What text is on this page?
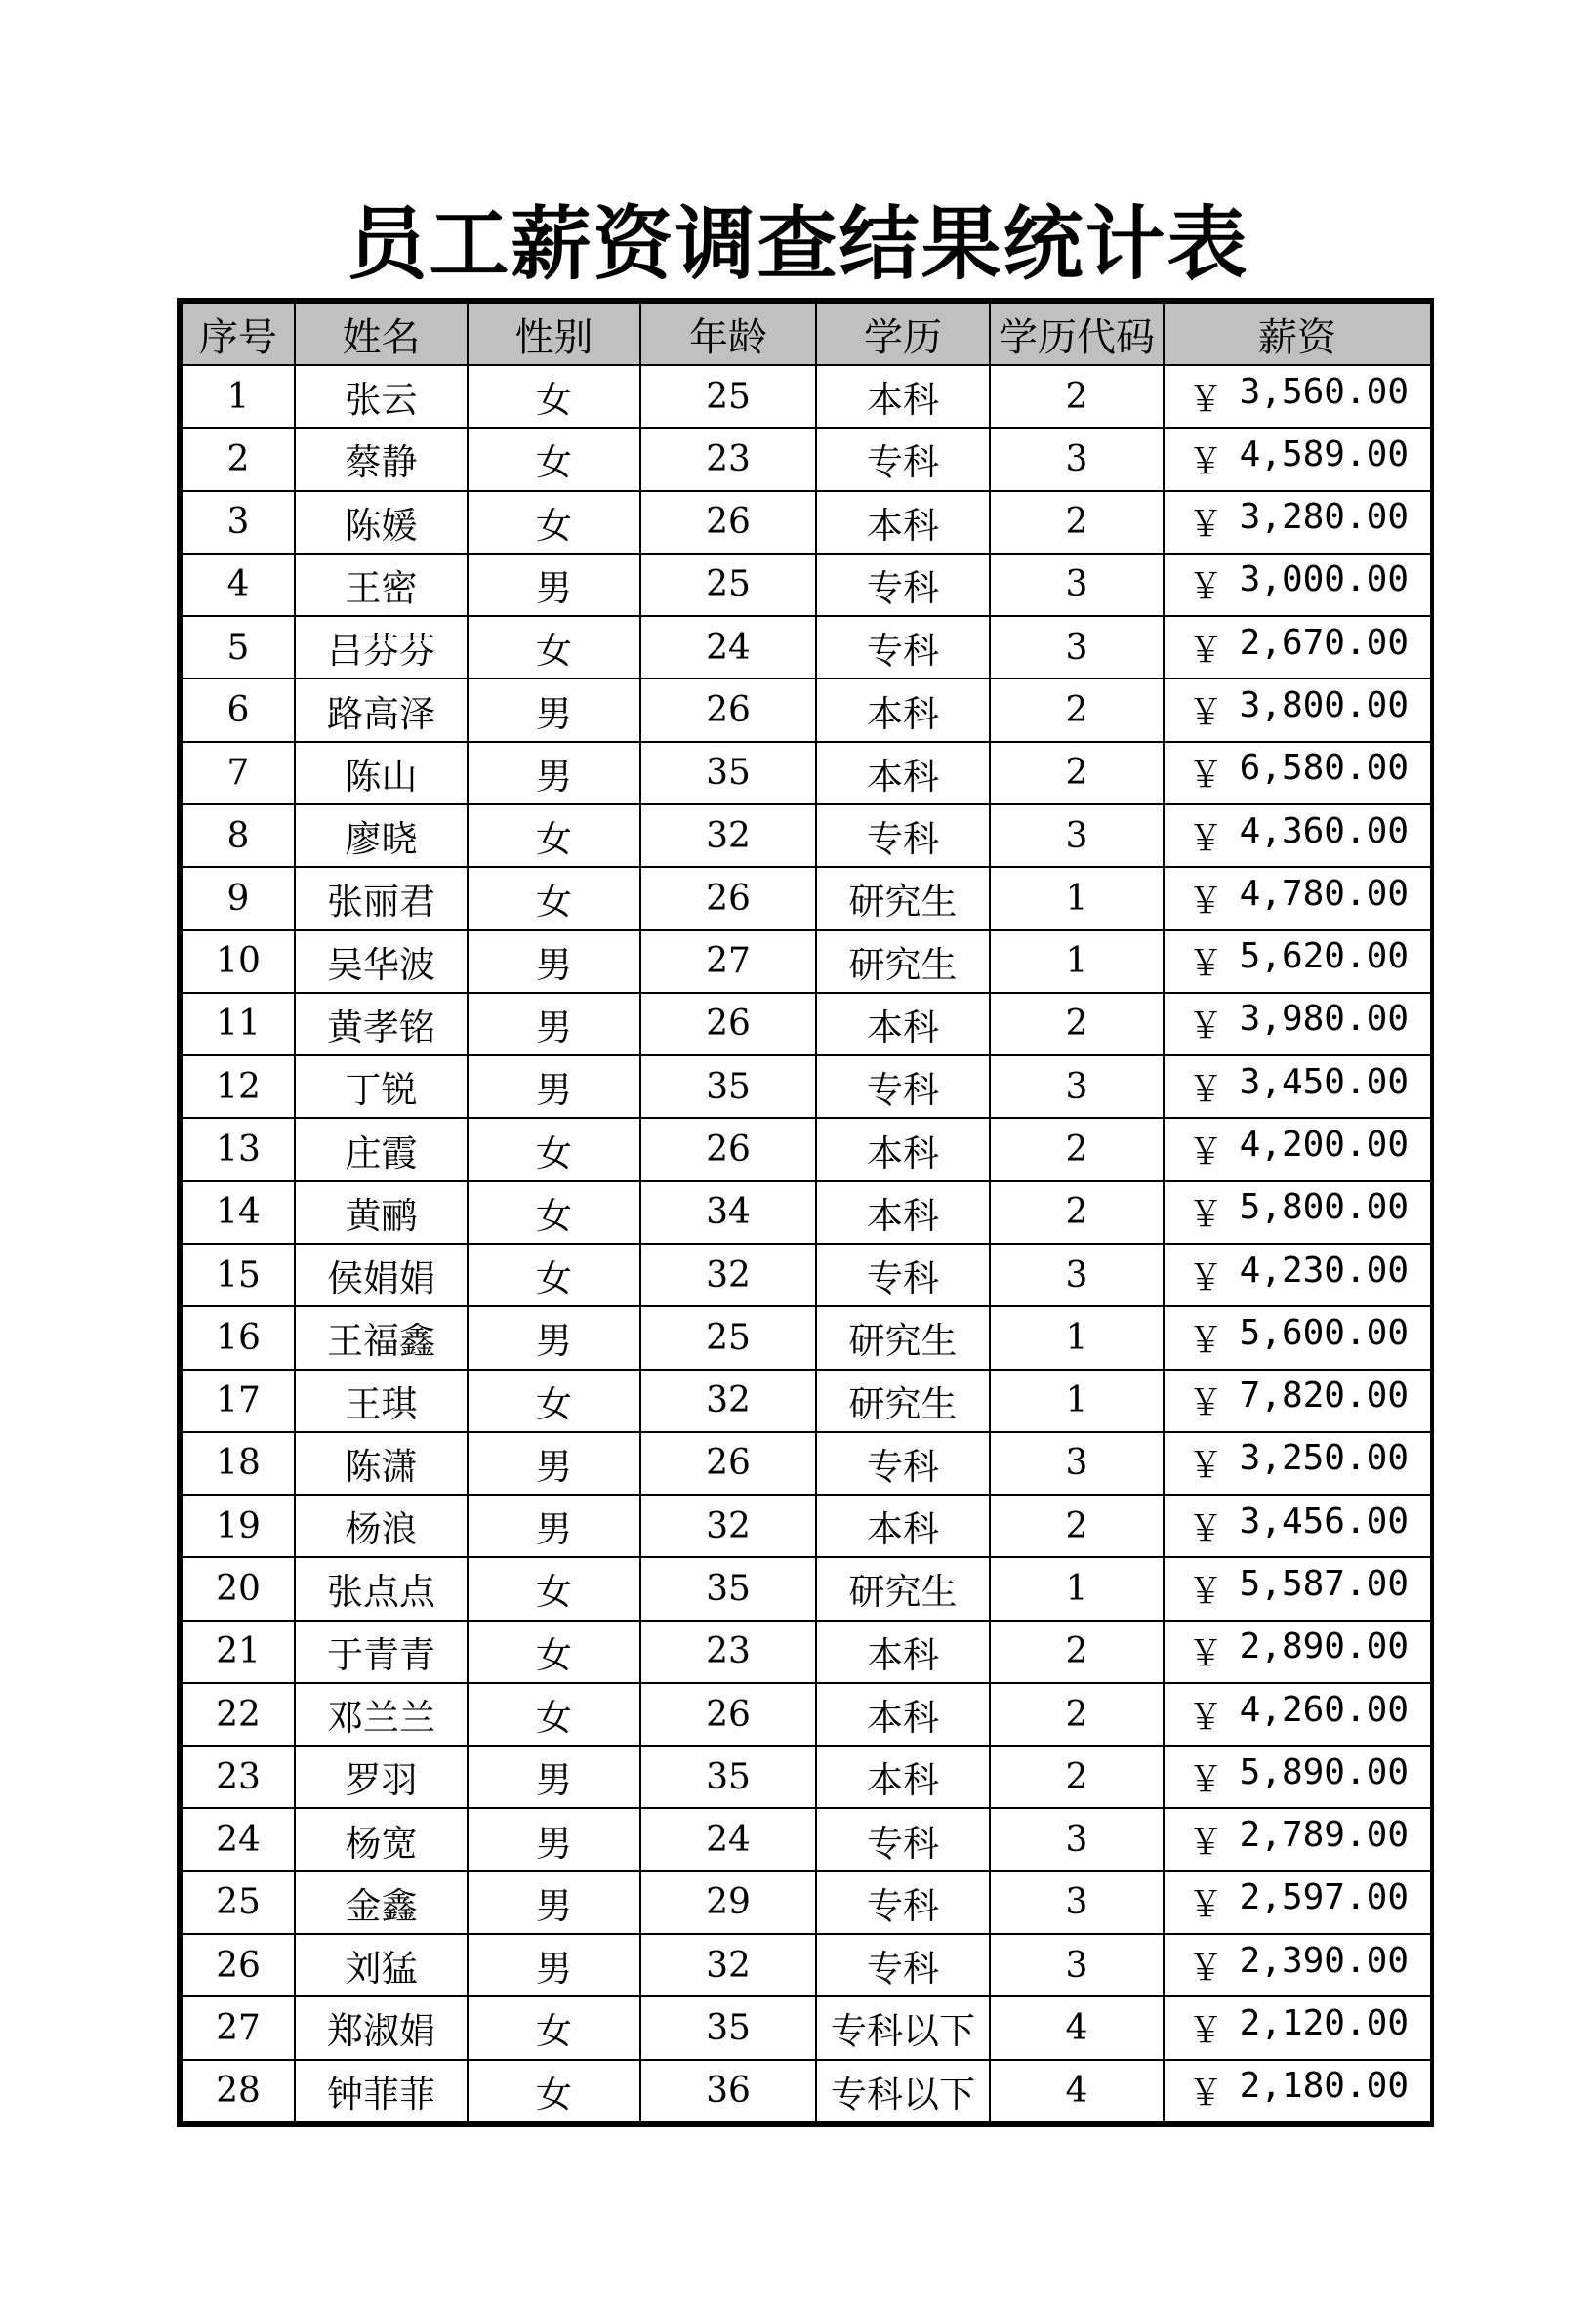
员工薪资调查结果统计表
序号	姓名	性别	年龄	学历	学历代码	薪资
1	张云	女	25	本科	2	￥ 3,560.00

2	蔡静	女	23	专科	3	￥ 4,589.00

3	陈媛	女	26	本科	2	￥ 3,280.00

4	王密	男	25	专科	3	￥ 3,000.00

5	吕芬芬	女	24	专科	3	￥ 2,670.00

6	路高泽	男	26	本科	2	￥ 3,800.00

7	陈山	男	35	本科	2	￥ 6,580.00

8	廖晓	女	32	专科	3	￥ 4,360.00

9	张丽君	女	26	研究生	1	￥ 4,780.00

10	吴华波	男	27	研究生	1	￥ 5,620.00

11	黄孝铭	男	26	本科	2	￥ 3,980.00

12	丁锐	男	35	专科	3	￥ 3,450.00

13	庄霞	女	26	本科	2	￥ 4,200.00

14	黄鹂	女	34	本科	2	￥ 5,800.00

15	侯娟娟	女	32	专科	3	￥ 4,230.00

16	王福鑫	男	25	研究生	1	￥ 5,600.00

17	王琪	女	32	研究生	1	￥ 7,820.00

18	陈潇	男	26	专科	3	￥ 3,250.00

19	杨浪	男	32	本科	2	￥ 3,456.00

20	张点点	女	35	研究生	1	￥ 5,587.00

21	于青青	女	23	本科	2	￥ 2,890.00

22	邓兰兰	女	26	本科	2	￥ 4,260.00

23	罗羽	男	35	本科	2	￥ 5,890.00

24	杨宽	男	24	专科	3	￥ 2,789.00

25	金鑫	男	29	专科	3	￥ 2,597.00

26	刘猛	男	32	专科	3	￥ 2,390.00

27	郑淑娟	女	35	专科以下	4	￥ 2,120.00

28	钟菲菲	女	36	专科以下	4	￥ 2,180.00
